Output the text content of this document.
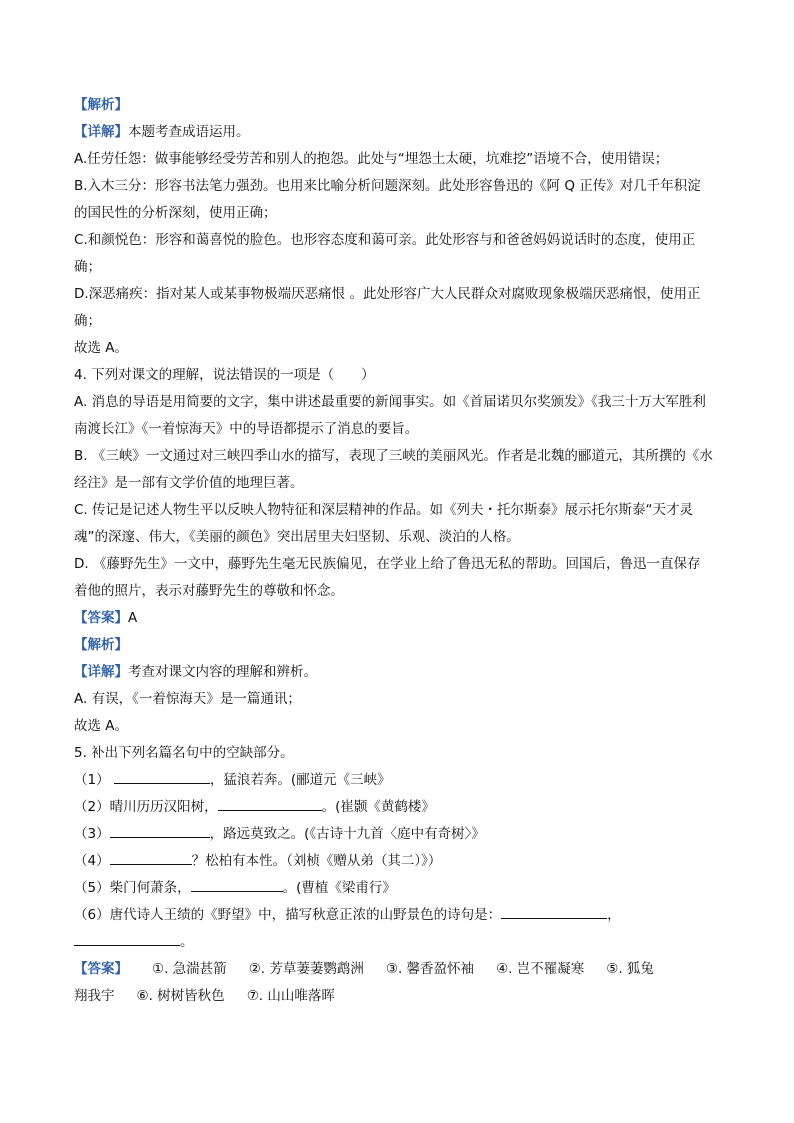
【解析】
【详解】本题考查成语运用。
A.任劳任怨：做事能够经受劳苦和别人的抱怨。此处与“埋怨土太硬，坑难挖”语境不合，使用错误；
B.入木三分：形容书法笔力强劲。也用来比喻分析问题深刻。此处形容鲁迅的《阿 Q 正传》对几千年积淀
的国民性的分析深刻，使用正确；
C.和颜悦色：形容和蔼喜悦的脸色。也形容态度和蔼可亲。此处形容与和爸爸妈妈说话时的态度，使用正
确；
D.深恶痛疾：指对某人或某事物极端厌恶痛恨 。此处形容广大人民群众对腐败现象极端厌恶痛恨，使用正
确；
故选 A。
4. 下列对课文的理解，说法错误的一项是（　　）
A. 消息的导语是用简要的文字，集中讲述最重要的新闻事实。如《首届诺贝尔奖颁发》《我三十万大军胜利
南渡长江》《一着惊海天》中的导语都提示了消息的要旨。
B. 《三峡》一文通过对三峡四季山水的描写，表现了三峡的美丽风光。作者是北魏的郦道元，其所撰的《水
经注》是一部有文学价值的地理巨著。
C. 传记是记述人物生平以反映人物特征和深层精神的作品。如《列夫・托尔斯泰》展示托尔斯泰“天才灵
魂”的深邃、伟大，《美丽的颜色》突出居里夫妇坚韧、乐观、淡泊的人格。
D. 《藤野先生》一文中，藤野先生毫无民族偏见，在学业上给了鲁迅无私的帮助。回国后，鲁迅一直保存
着他的照片，表示对藤野先生的尊敬和怀念。
【答案】A
【解析】
【详解】考查对课文内容的理解和辨析。
A. 有误，《一着惊海天》是一篇通讯；
故选 A。
5. 补出下列名篇名句中的空缺部分。
（1）	，猛浪若奔。(郦道元《三峡》
（2）晴川历历汉阳树，	。(崔颢《黄鹤楼》
（3）	，路远莫致之。(《古诗十九首〈庭中有奇树〉》
（4）	？松柏有本性。（刘桢《赠从弟（其二）》）
（5）柴门何萧条，	。(曹植《梁甫行》
（6）唐代诗人王绩的《野望》中，描写秋意正浓的山野景色的诗句是：	，
。
【答案】 ①. 急湍甚箭 ②. 芳草萋萋鹦鹉洲 ③. 馨香盈怀袖 ④. 岂不罹凝寒 ⑤. 狐兔
翔我宇 ⑥. 树树皆秋色 ⑦. 山山唯落晖
